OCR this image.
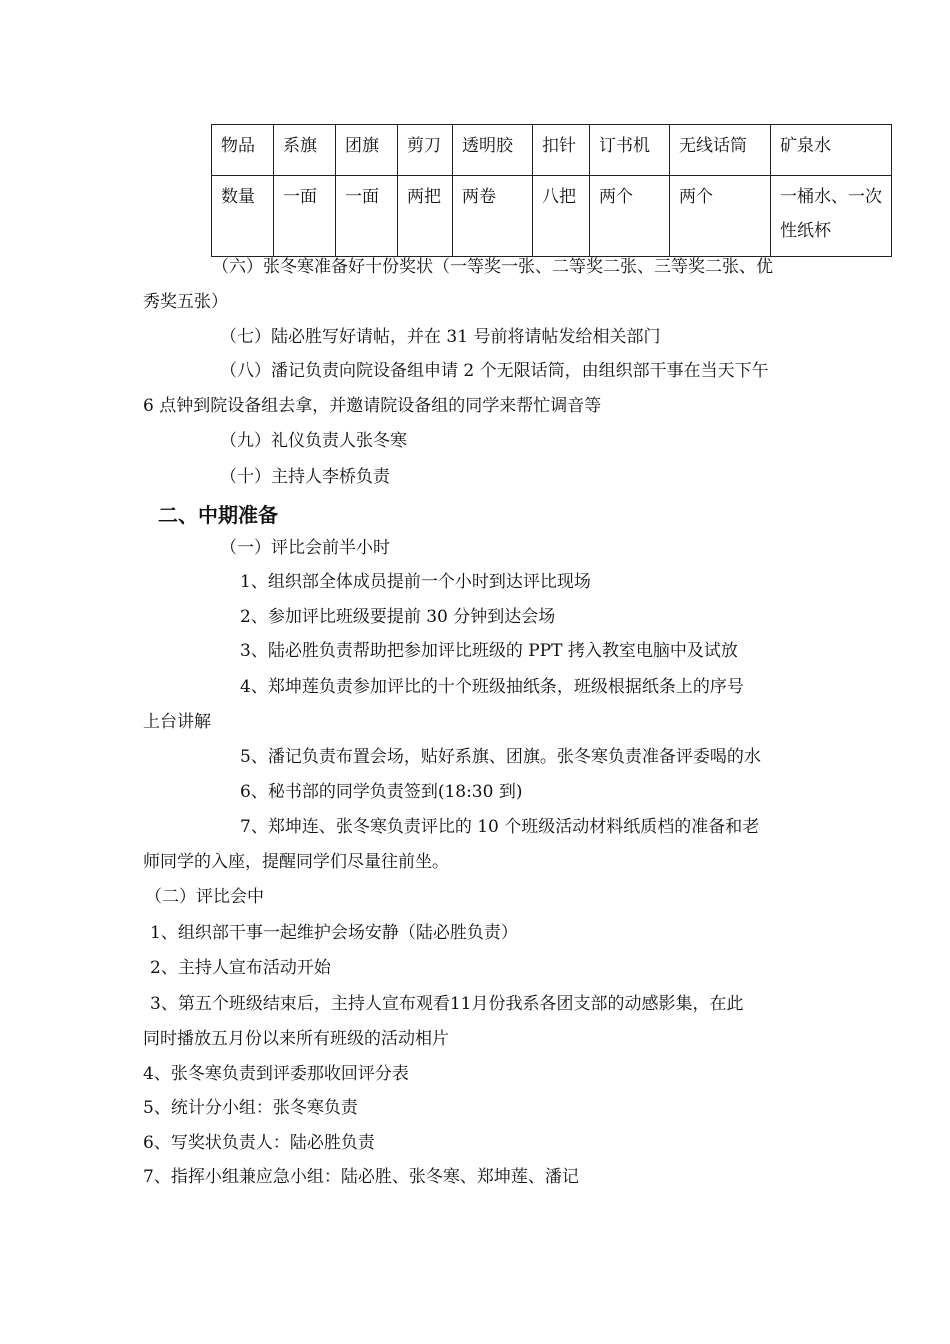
物品	系旗	团旗	剪刀	透明胶	扣针	订书机	无线话筒	矿泉水
数量	一面	一面	两把	两卷	八把	两个	两个	一桶水、一次性纸杯
（六）张冬寒准备好十份奖状（一等奖一张、二等奖二张、三等奖二张、优
秀奖五张）
（七）陆必胜写好请帖，并在 31 号前将请帖发给相关部门
（八）潘记负责向院设备组申请 2 个无限话筒，由组织部干事在当天下午
6 点钟到院设备组去拿，并邀请院设备组的同学来帮忙调音等
（九）礼仪负责人张冬寒
（十）主持人李桥负责
二、中期准备
（一）评比会前半小时
1、组织部全体成员提前一个小时到达评比现场
2、参加评比班级要提前 30 分钟到达会场
3、陆必胜负责帮助把参加评比班级的 PPT 拷入教室电脑中及试放
4、郑坤莲负责参加评比的十个班级抽纸条，班级根据纸条上的序号
上台讲解
5、潘记负责布置会场，贴好系旗、团旗。张冬寒负责准备评委喝的水
6、秘书部的同学负责签到(18:30 到)
7、郑坤连、张冬寒负责评比的 10 个班级活动材料纸质档的准备和老
师同学的入座，提醒同学们尽量往前坐。
（二）评比会中
1、组织部干事一起维护会场安静（陆必胜负责）
2、主持人宣布活动开始
3、第五个班级结束后，主持人宣布观看11月份我系各团支部的动感影集，在此
同时播放五月份以来所有班级的活动相片
4、张冬寒负责到评委那收回评分表
5、统计分小组：张冬寒负责
6、写奖状负责人：陆必胜负责
7、指挥小组兼应急小组：陆必胜、张冬寒、郑坤莲、潘记
